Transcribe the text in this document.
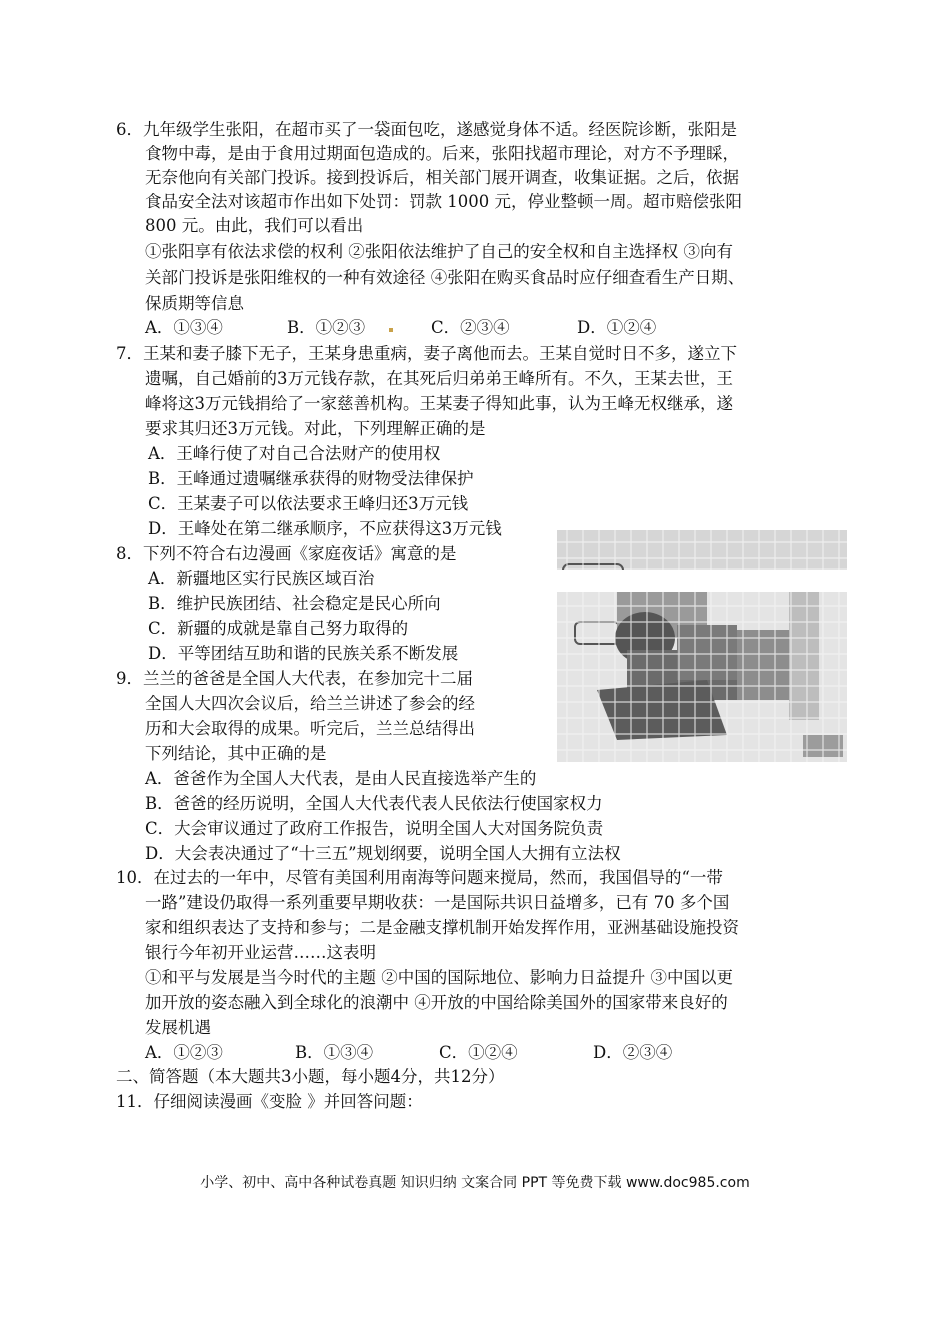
6．九年级学生张阳，在超市买了一袋面包吃，遂感觉身体不适。经医院诊断，张阳是
食物中毒，是由于食用过期面包造成的。后来，张阳找超市理论，对方不予理睬，
无奈他向有关部门投诉。接到投诉后，相关部门展开调查，收集证据。之后，依据
食品安全法对该超市作出如下处罚：罚款 1000 元，停业整顿一周。超市赔偿张阳
800 元。由此，我们可以看出
①张阳享有依法求偿的权利 ②张阳依法维护了自己的安全权和自主选择权 ③向有
关部门投诉是张阳维权的一种有效途径 ④张阳在购买食品时应仔细查看生产日期、
保质期等信息
A．①③④	B．①②③	C．②③④	D．①②④
7．王某和妻子膝下无子，王某身患重病，妻子离他而去。王某自觉时日不多，遂立下
遗嘱，自己婚前的3万元钱存款，在其死后归弟弟王峰所有。不久，王某去世，王
峰将这3万元钱捐给了一家慈善机构。王某妻子得知此事，认为王峰无权继承，遂
要求其归还3万元钱。对此，下列理解正确的是
A．王峰行使了对自己合法财产的使用权
B．王峰通过遗嘱继承获得的财物受法律保护
C．王某妻子可以依法要求王峰归还3万元钱
D．王峰处在第二继承顺序，不应获得这3万元钱
8．下列不符合右边漫画《家庭夜话》寓意的是
A．新疆地区实行民族区域百治
B．维护民族团结、社会稳定是民心所向
C．新疆的成就是靠自己努力取得的
D．平等团结互助和谐的民族关系不断发展
9．兰兰的爸爸是全国人大代表，在参加完十二届
全国人大四次会议后，给兰兰讲述了参会的经
历和大会取得的成果。听完后，兰兰总结得出
下列结论，其中正确的是
A．爸爸作为全国人大代表，是由人民直接选举产生的
B．爸爸的经历说明，全国人大代表代表人民依法行使国家权力
C．大会审议通过了政府工作报告，说明全国人大对国务院负责
D．大会表决通过了“十三五”规划纲要，说明全国人大拥有立法权
10．在过去的一年中，尽管有美国利用南海等问题来搅局，然而，我国倡导的“一带
一路”建设仍取得一系列重要早期收获：一是国际共识日益增多，已有 70 多个国
家和组织表达了支持和参与；二是金融支撑机制开始发挥作用，亚洲基础设施投资
银行今年初开业运营……这表明
①和平与发展是当今时代的主题 ②中国的国际地位、影响力日益提升 ③中国以更
加开放的姿态融入到全球化的浪潮中 ④开放的中国给除美国外的国家带来良好的
发展机遇
A．①②③	B．①③④	C．①②④	D．②③④
二、简答题（本大题共3小题，每小题4分，共12分）
11．仔细阅读漫画《变脸 》并回答问题：
小学、初中、高中各种试卷真题 知识归纳 文案合同 PPT 等免费下载 www.doc985.com
